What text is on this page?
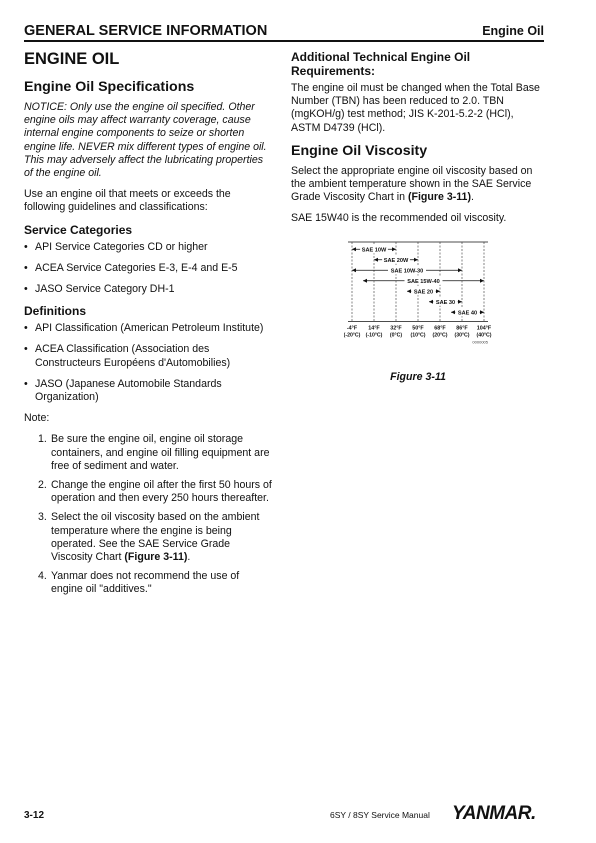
GENERAL SERVICE INFORMATION	Engine Oil
ENGINE OIL
Engine Oil Specifications
NOTICE: Only use the engine oil specified. Other engine oils may affect warranty coverage, cause internal engine components to seize or shorten engine life. NEVER mix different types of engine oil. This may adversely affect the lubricating properties of the engine oil.
Use an engine oil that meets or exceeds the following guidelines and classifications:
Service Categories
• API Service Categories CD or higher
• ACEA Service Categories E-3, E-4 and E-5
• JASO Service Category DH-1
Definitions
• API Classification (American Petroleum Institute)
• ACEA Classification (Association des Constructeurs Européens d'Automobilies)
• JASO (Japanese Automobile Standards Organization)
Note:
1. Be sure the engine oil, engine oil storage containers, and engine oil filling equipment are free of sediment and water.
2. Change the engine oil after the first 50 hours of operation and then every 250 hours thereafter.
3. Select the oil viscosity based on the ambient temperature where the engine is being operated. See the SAE Service Grade Viscosity Chart (Figure 3-11).
4. Yanmar does not recommend the use of engine oil "additives."
Additional Technical Engine Oil Requirements:
The engine oil must be changed when the Total Base Number (TBN) has been reduced to 2.0. TBN (mgKOH/g) test method; JIS K-201-5.2-2 (HCl), ASTM D4739 (HCl).
Engine Oil Viscosity
Select the appropriate engine oil viscosity based on the ambient temperature shown in the SAE Service Grade Viscosity Chart in (Figure 3-11).
SAE 15W40 is the recommended oil viscosity.
SAE 10W
SAE 20W
SAE 10W-30
SAE 15W-40
SAE 20
SAE 30
SAE 40
-4°F
(-20°C)
14°F
(-10°C)
32°F
(0°C)
50°F
(10°C)
68°F
(20°C)
86°F
(30°C)
104°F
(40°C)
0000005
Figure 3-11
3-12	6SY / 8SY Service Manual YANMAR.
